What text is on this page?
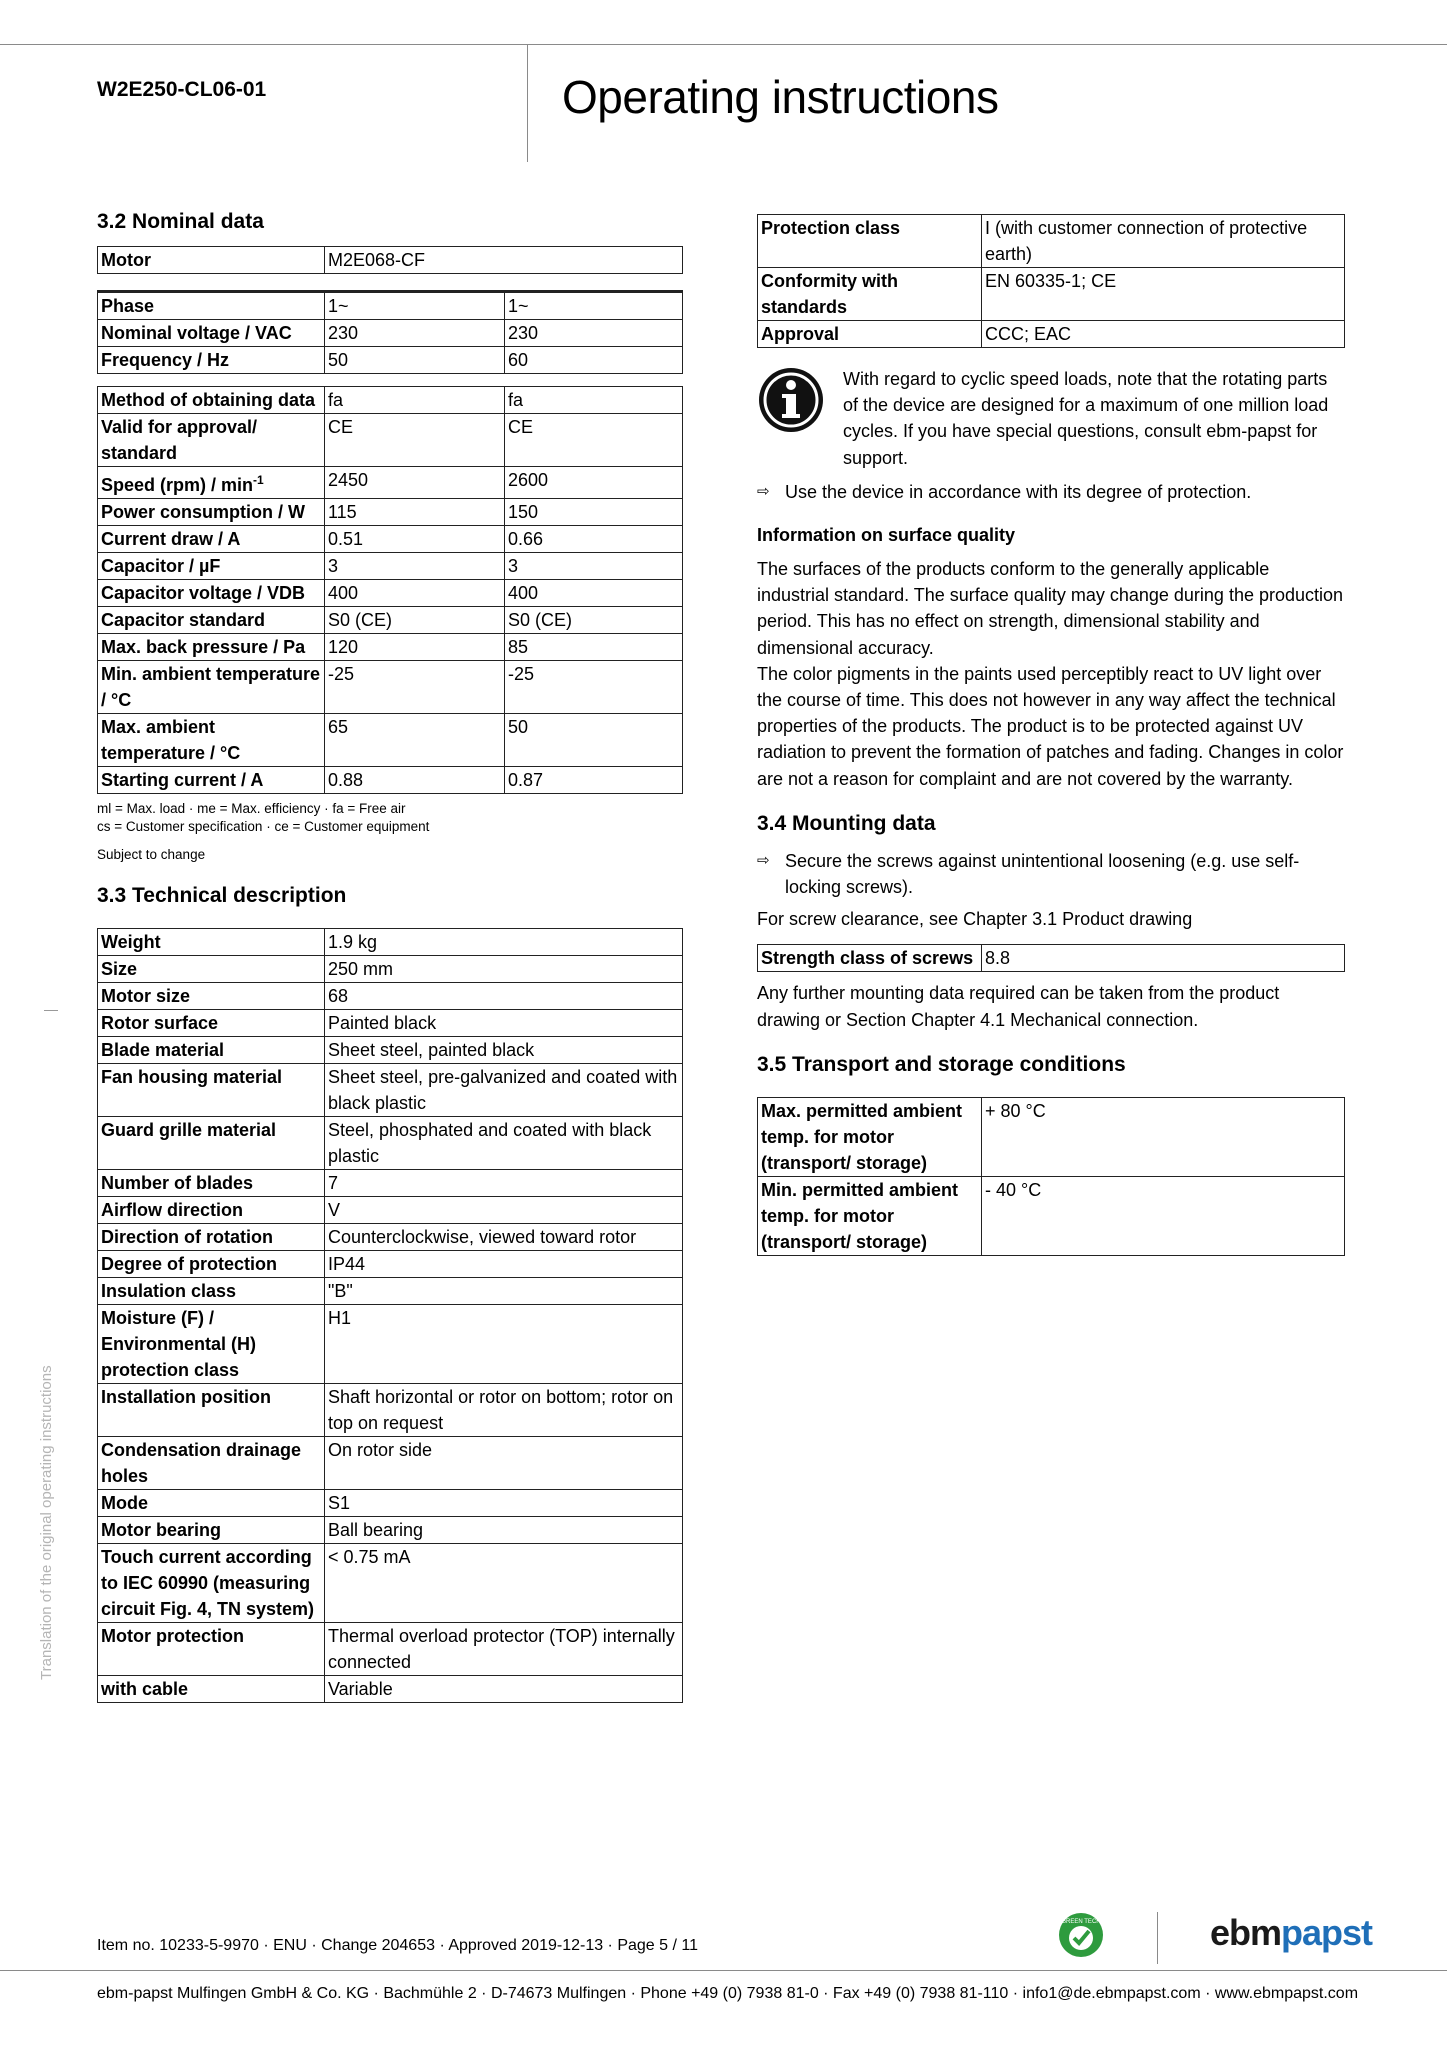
W2E250-CL06-01	Operating instructions
3.2 Nominal data
Motor	M2E068-CF
Phase	1~	1~
Nominal voltage / VAC	230	230
Frequency / Hz	50	60
Method of obtaining data	fa	fa
Valid for approval/ standard	CE	CE
Speed $(rpm) / \min^{-1}$	2450	2600
Power consumption / W	115	150
Current draw / A	0.51	0.66
Capacitor / µF	3	3
Capacitor voltage / VDB	400	400
Capacitor standard	S0 (CE)	S0 (CE)
Max. back pressure / Pa	120	85
Min. ambient temperature / °C	-25	-25
Max. ambient temperature / °C	65	50
Starting current / A	0.88	0.87
ml = Max. load · me = Max. efficiency · fa = Free air
cs = Customer specification · ce = Customer equipment
Subject to change
3.3 Technical description
Weight	1.9 kg
Size	250 mm
Motor size	68
Rotor surface	Painted black
Blade material	Sheet steel, painted black
Fan housing material	Sheet steel, pre-galvanized and coated with black plastic
Guard grille material	Steel, phosphated and coated with black plastic
Number of blades	7
Airflow direction	V
Direction of rotation	Counterclockwise, viewed toward rotor
Degree of protection	IP44
Insulation class	"B"
Moisture (F) / Environmental (H) protection class	H1
Installation position	Shaft horizontal or rotor on bottom; rotor on top on request
Condensation drainage holes	On rotor side
Mode	S1
Motor bearing	Ball bearing
Touch current according to IEC 60990 (measuring circuit Fig. 4, TN system)	< 0.75 mA
Motor protection	Thermal overload protector (TOP) internally connected
with cable	Variable
Protection class	I (with customer connection of protective earth)
Conformity with standards	EN 60335-1; CE
Approval	CCC; EAC

With regard to cyclic speed loads, note that the rotating parts of the device are designed for a maximum of one million load cycles. If you have special questions, consult ebm-papst for support.

⇨ Use the device in accordance with its degree of protection.
Information on surface quality

The surfaces of the products conform to the generally applicable industrial standard. The surface quality may change during the production period. This has no effect on strength, dimensional stability and dimensional accuracy.

The color pigments in the paints used perceptibly react to UV light over the course of time. This does not however in any way affect the technical properties of the products. The product is to be protected against UV radiation to prevent the formation of patches and fading. Changes in color are not a reason for complaint and are not covered by the warranty.

3.4 Mounting data
⇨ Secure the screws against unintentional loosening (e.g. use self-locking screws).

For screw clearance, see Chapter 3.1 Product drawing

Strength class of screws	8.8

Any further mounting data required can be taken from the product drawing or Section Chapter 4.1 Mechanical connection.

3.5 Transport and storage conditions
Max. permitted ambient temp. for motor (transport/ storage)	+ 80 °C
Min. permitted ambient temp. for motor (transport/ storage)	- 40 °C
Translation of the original operating instructions
Item no. 10233-5-9970 · ENU · Change 204653 · Approved 2019-12-13 · Page 5 / 11
GREEN TECH	ebmpapst
ebm-papst Mulfingen GmbH & Co. KG · Bachmühle 2 · D-74673 Mulfingen · Phone +49 (0) 7938 81-0 · Fax +49 (0) 7938 81-110 · info1@de.ebmpapst.com · www.ebmpapst.com
